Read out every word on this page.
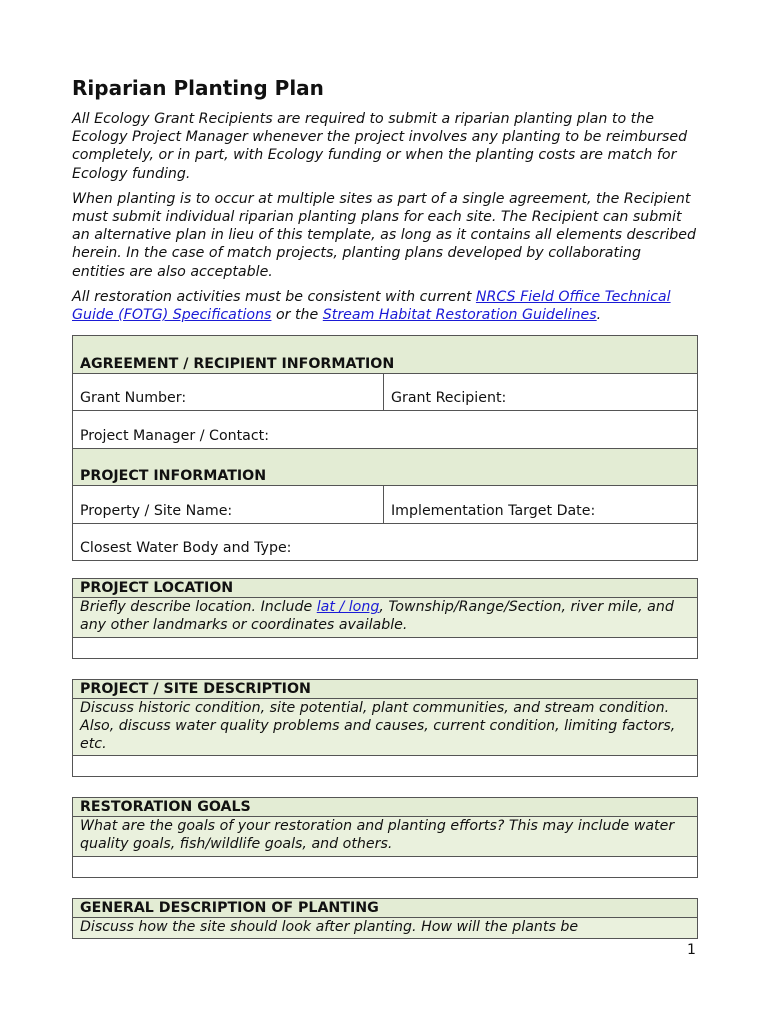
Riparian Planting Plan

All Ecology Grant Recipients are required to submit a riparian planting plan to the Ecology Project Manager whenever the project involves any planting to be reimbursed completely, or in part, with Ecology funding or when the planting costs are match for Ecology funding.

When planting is to occur at multiple sites as part of a single agreement, the Recipient must submit individual riparian planting plans for each site. The Recipient can submit an alternative plan in lieu of this template, as long as it contains all elements described herein. In the case of match projects, planting plans developed by collaborating entities are also acceptable.

All restoration activities must be consistent with current NRCS Field Office Technical Guide (FOTG) Specifications or the Stream Habitat Restoration Guidelines.

AGREEMENT / RECIPIENT INFORMATION
Grant Number:	Grant Recipient:
Project Manager / Contact:
PROJECT INFORMATION
Property / Site Name:	Implementation Target Date:
Closest Water Body and Type:
PROJECT LOCATION
Briefly describe location. Include lat / long, Township/Range/Section, river mile, and any other landmarks or coordinates available.
PROJECT / SITE DESCRIPTION
Discuss historic condition, site potential, plant communities, and stream condition. Also, discuss water quality problems and causes, current condition, limiting factors, etc.
RESTORATION GOALS
What are the goals of your restoration and planting efforts? This may include water quality goals, fish/wildlife goals, and others.
GENERAL DESCRIPTION OF PLANTING
Discuss how the site should look after planting. How will the plants be
1
